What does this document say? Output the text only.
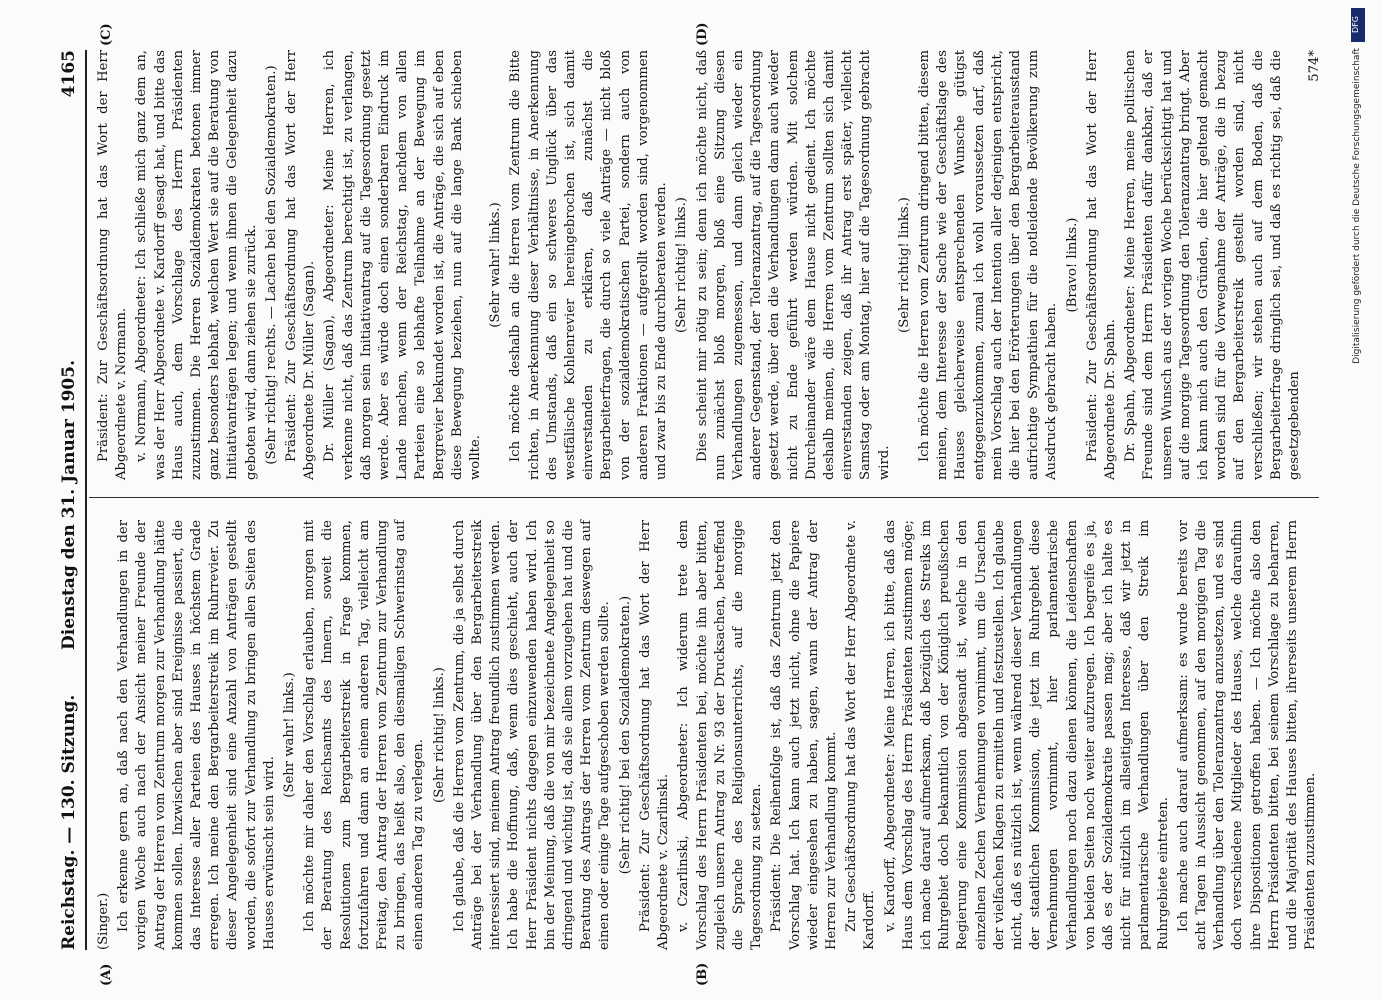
Reichstag. — 130. Sitzung.
Dienstag den 31. Januar 1905.
4165
(A)	(B)
(C)	(D)

(Singer.) Ich erkenne gern an, daß nach den Verhandlungen in der vorigen Woche auch nach der Ansicht meiner Freunde der Antrag der Herren vom Zentrum morgen zur Verhandlung hätte kommen sollen. Inzwischen aber sind Ereignisse passiert, die das Interesse aller Parteien des Hauses in höchstem Grade erregen. Ich meine den Bergarbeiterstreik im Ruhrrevier. Zu dieser Angelegenheit sind eine Anzahl von Anträgen gestellt worden, die sofort zur Verhandlung zu bringen allen Seiten des Hauses erwünscht sein wird.

(Sehr wahr! links.) Ich möchte mir daher den Vorschlag erlauben, morgen mit der Beratung des Reichsamts des Innern, soweit die Resolutionen zum Bergarbeiterstreik in Frage kommen, fortzufahren und dann an einem anderen Tag, vielleicht am Freitag, den Antrag der Herren vom Zentrum zur Verhandlung zu bringen, das heißt also, den diesmaligen Schwerinstag auf einen anderen Tag zu verlegen.

(Sehr richtig! links.) Ich glaube, daß die Herren vom Zentrum, die ja selbst durch Anträge bei der Verhandlung über den Bergarbeiterstreik interessiert sind, meinem Antrag freundlich zustimmen werden. Ich habe die Hoffnung, daß, wenn dies geschieht, auch der Herr Präsident nichts dagegen einzuwenden haben wird. Ich bin der Meinung, daß die von mir bezeichnete Angelegenheit so dringend und wichtig ist, daß sie allem vorzugehen hat und die Beratung des Antrags der Herren vom Zentrum deswegen auf einen oder einige Tage aufgeschoben werden sollte. (Sehr richtig! bei den Sozialdemokraten.) Präsident: Zur Geschäftsordnung hat das Wort der Herr Abgeordnete v. Czarlinski. v. Czarlinski, Abgeordneter: Ich widerum trete dem Vorschlag des Herrn Präsidenten bei, möchte ihn aber bitten, zugleich unsern Antrag zu Nr. 93 der Drucksachen, betreffend die Sprache des Religionsunterrichts, auf die morgige Tagesordnung zu setzen. Präsident: Die Reihenfolge ist, daß das Zentrum jetzt den Vorschlag hat. Ich kann auch jetzt nicht, ohne die Papiere wieder eingesehen zu haben, sagen, wann der Antrag der Herren zur Verhandlung kommt. Zur Geschäftsordnung hat das Wort der Herr Abgeordnete v. Kardorff. v. Kardorff, Abgeordneter: Meine Herren, ich bitte, daß das Haus dem Vorschlag des Herrn Präsidenten zustimmen möge; ich mache darauf aufmerksam, daß bezüglich des Streiks im Ruhrgebiet doch bekanntlich von der Königlich preußischen Regierung eine Kommission abgesandt ist, welche in den einzelnen Zechen Vernehmungen vornimmt, um die Ursachen der vielfachen Klagen zu ermitteln und festzustellen. Ich glaube nicht, daß es nützlich ist, wenn während dieser Verhandlungen der staatlichen Kommission, die jetzt im Ruhrgebiet diese Vernehmungen vornimmt, hier parlamentarische Verhandlungen noch dazu dienen können, die Leidenschaften von beiden Seiten noch weiter aufzuregen. Ich begreife es ja, daß es der Sozialdemokratie passen mag; aber ich halte es nicht für nützlich im allseitigen Interesse, daß wir jetzt in parlamentarische Verhandlungen über den Streik im Ruhrgebiete eintreten. Ich mache auch darauf aufmerksam: es wurde bereits vor acht Tagen in Aussicht genommen, auf den morgigen Tag die Verhandlung über den Toleranzantrag anzusetzen, und es sind doch verschiedene Mitglieder des Hauses, welche daraufhin ihre Dispositionen getroffen haben. — Ich möchte also den Herrn Präsidenten bitten, bei seinem Vorschlage zu beharren, und die Majorität des Hauses bitten, ihrerseits unserem Herrn Präsidenten zuzustimmen.

Präsident: Zur Geschäftsordnung hat das Wort der Herr Abgeordnete v. Normann. v. Normann, Abgeordneter: Ich schließe mich ganz dem an, was der Herr Abgeordnete v. Kardorff gesagt hat, und bitte das Haus auch, dem Vorschlage des Herrn Präsidenten zuzustimmen. Die Herren Sozialdemokraten betonen immer ganz besonders lebhaft, welchen Wert sie auf die Beratung von Initiativanträgen legen; und wenn ihnen die Gelegenheit dazu geboten wird, dann ziehen sie zurück. (Sehr richtig! rechts. — Lachen bei den Sozialdemokraten.) Präsident: Zur Geschäftsordnung hat das Wort der Herr Abgeordnete Dr. Müller (Sagan). Dr. Müller (Sagan), Abgeordneter: Meine Herren, ich verkenne nicht, daß das Zentrum berechtigt ist, zu verlangen, daß morgen sein Initiativantrag auf die Tagesordnung gesetzt werde. Aber es würde doch einen sonderbaren Eindruck im Lande machen, wenn der Reichstag, nachdem von allen Parteien eine so lebhafte Teilnahme an der Bewegung im Bergrevier bekundet worden ist, die Anträge, die sich auf eben diese Bewegung beziehen, nun auf die lange Bank schieben wollte.

(Sehr wahr! links.) Ich möchte deshalb an die Herren vom Zentrum die Bitte richten, in Anerkennung dieser Verhältnisse, in Anerkennung des Umstands, daß ein so schweres Unglück über das westfälische Kohlenrevier hereingebrochen ist, sich damit einverstanden zu erklären, daß zunächst die Bergarbeiterfragen, die durch so viele Anträge — nicht bloß von der sozialdemokratischen Partei, sondern auch von anderen Fraktionen — aufgerollt worden sind, vorgenommen und zwar bis zu Ende durchberaten werden. (Sehr richtig! links.) Dies scheint mir nötig zu sein; denn ich möchte nicht, daß nun zunächst bloß morgen, bloß eine Sitzung diesen Verhandlungen zugemessen, und dann gleich wieder ein anderer Gegenstand, der Toleranzantrag, auf die Tagesordnung gesetzt werde, über den die Verhandlungen dann auch wieder nicht zu Ende geführt werden würden. Mit solchem Durcheinander wäre dem Hause nicht gedient. Ich möchte deshalb meinen, die Herren vom Zentrum sollten sich damit einverstanden zeigen, daß ihr Antrag erst später, vielleicht Samstag oder am Montag, hier auf die Tagesordnung gebracht wird.

(Sehr richtig! links.) Ich möchte die Herren vom Zentrum dringend bitten, diesem meinen, dem Interesse der Sache wie der Geschäftslage des Hauses gleicherweise entsprechenden Wunsche gütigst entgegenzukommen, zumal ich wohl voraussetzen darf, daß mein Vorschlag auch der Intention aller derjenigen entspricht, die hier bei den Erörterungen über den Bergarbeiterausstand aufrichtige Sympathien für die notleidende Bevölkerung zum Ausdruck gebracht haben.

(Bravo! links.) Präsident: Zur Geschäftsordnung hat das Wort der Herr Abgeordnete Dr. Spahn. Dr. Spahn, Abgeordneter: Meine Herren, meine politischen Freunde sind dem Herrn Präsidenten dafür dankbar, daß er unseren Wunsch aus der vorigen Woche berücksichtigt hat und auf die morgige Tagesordnung den Toleranzantrag bringt. Aber ich kann mich auch den Gründen, die hier geltend gemacht worden sind für die Vorwegnahme der Anträge, die in bezug auf den Bergarbeiterstreik gestellt worden sind, nicht verschließen; wir stehen auch auf dem Boden, daß die Bergarbeiterfrage dringlich sei, und daß es richtig sei, daß die gesetzgebenden

574*

DFG
Digitalisierung gefördert durch die Deutsche Forschungsgemeinschaft
